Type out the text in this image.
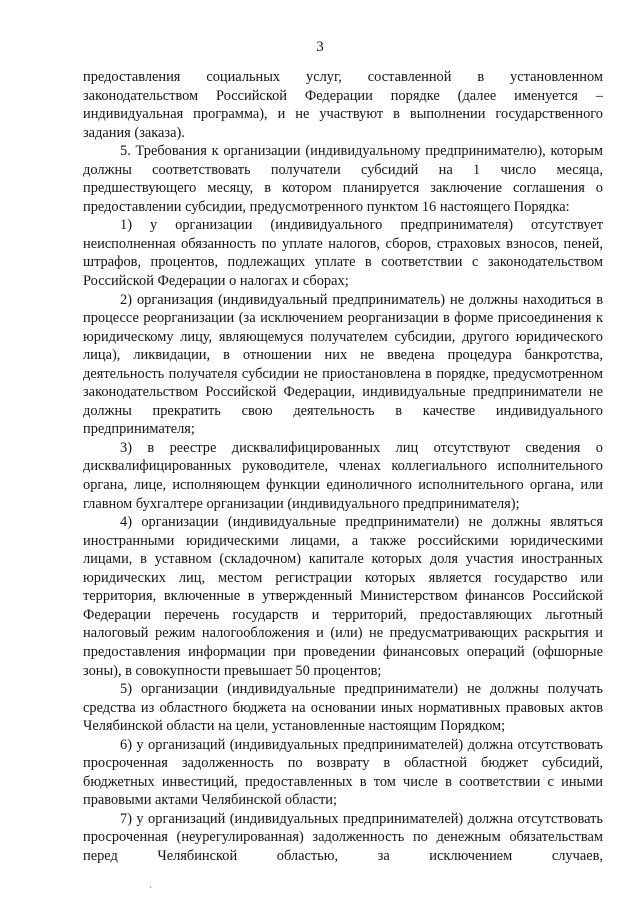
3

предоставления социальных услуг, составленной в установленном законодательством Российской Федерации порядке (далее именуется – индивидуальная программа), и не участвуют в выполнении государственного задания (заказа).

5. Требования к организации (индивидуальному предпринимателю), которым должны соответствовать получатели субсидий на 1 число месяца, предшествующего месяцу, в котором планируется заключение соглашения о предоставлении субсидии, предусмотренного пунктом 16 настоящего Порядка:

1) у организации (индивидуального предпринимателя) отсутствует неисполненная обязанность по уплате налогов, сборов, страховых взносов, пеней, штрафов, процентов, подлежащих уплате в соответствии с законодательством Российской Федерации о налогах и сборах;

2) организация (индивидуальный предприниматель) не должны находиться в процессе реорганизации (за исключением реорганизации в форме присоединения к юридическому лицу, являющемуся получателем субсидии, другого юридического лица), ликвидации, в отношении них не введена процедура банкротства, деятельность получателя субсидии не приостановлена в порядке, предусмотренном законодательством Российской Федерации, индивидуальные предприниматели не должны прекратить свою деятельность в качестве индивидуального предпринимателя;

3) в реестре дисквалифицированных лиц отсутствуют сведения о дисквалифицированных руководителе, членах коллегиального исполнительного органа, лице, исполняющем функции единоличного исполнительного органа, или главном бухгалтере организации (индивидуального предпринимателя);

4) организации (индивидуальные предприниматели) не должны являться иностранными юридическими лицами, а также российскими юридическими лицами, в уставном (складочном) капитале которых доля участия иностранных юридических лиц, местом регистрации которых является государство или территория, включенные в утвержденный Министерством финансов Российской Федерации перечень государств и территорий, предоставляющих льготный налоговый режим налогообложения и (или) не предусматривающих раскрытия и предоставления информации при проведении финансовых операций (офшорные зоны), в совокупности превышает 50 процентов;

5) организации (индивидуальные предприниматели) не должны получать средства из областного бюджета на основании иных нормативных правовых актов Челябинской области на цели, установленные настоящим Порядком;

6) у организаций (индивидуальных предпринимателей) должна отсутствовать просроченная задолженность по возврату в областной бюджет субсидий, бюджетных инвестиций, предоставленных в том числе в соответствии с иными правовыми актами Челябинской области;

7) у организаций (индивидуальных предпринимателей) должна отсутствовать просроченная (неурегулированная) задолженность по денежным обязательствам перед Челябинской областью, за исключением случаев,

·
